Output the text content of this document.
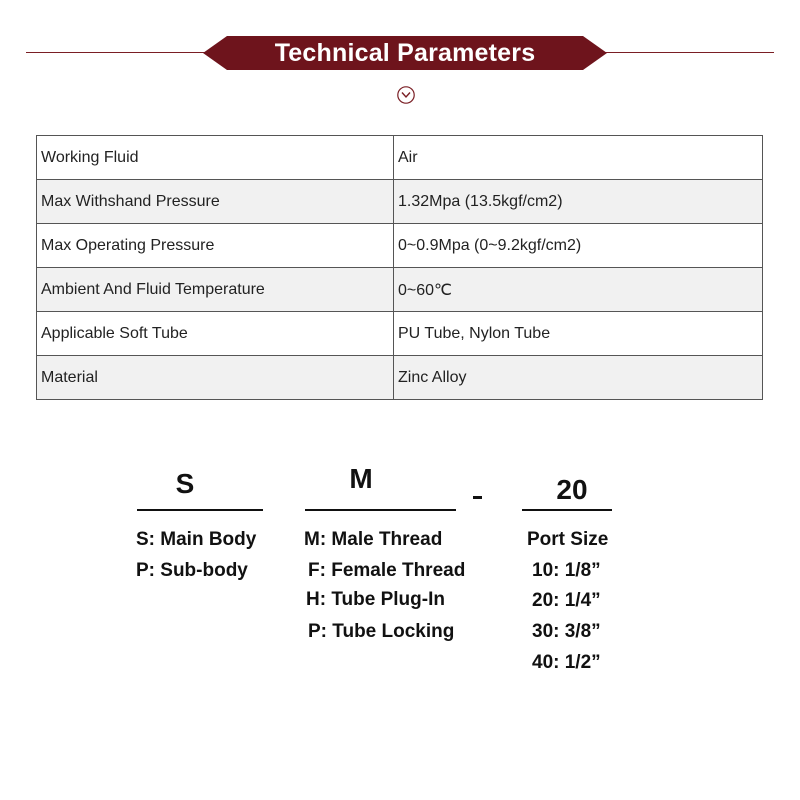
Technical Parameters
Working Fluid	Air
Max Withshand Pressure	1.32Mpa (13.5kgf/cm2)
Max Operating Pressure	0~0.9Mpa (0~9.2kgf/cm2)
Ambient And Fluid Temperature	0~60℃
Applicable Soft Tube	PU Tube, Nylon Tube
Material	Zinc Alloy
S	M	20
S: Main Body
P: Sub-body
M: Male Thread
F: Female Thread
H: Tube Plug-In
P: Tube Locking
Port Size
10: 1/8”
20: 1/4”
30: 3/8”
40: 1/2”
